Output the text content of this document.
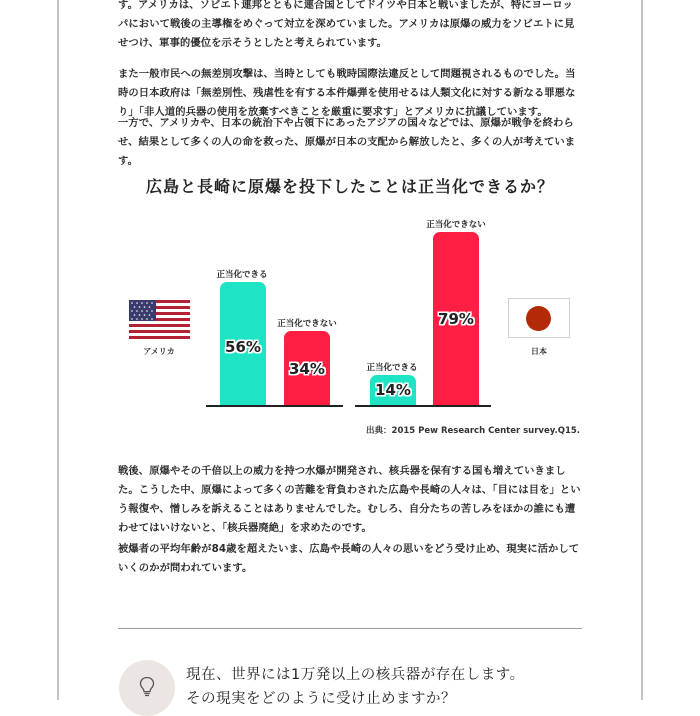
す。アメリカは、ソビエト連邦とともに連合国としてドイツや日本と戦いましたが、特にヨーロッパにおいて戦後の主導権をめぐって対立を深めていました。アメリカは原爆の威力をソビエトに見せつけ、軍事的優位を示そうとしたと考えられています。

また一般市民への無差別攻撃は、当時としても戦時国際法違反として問題視されるものでした。当時の日本政府は「無差別性、残虐性を有する本件爆弾を使用せるは人類文化に対する新なる罪悪なり」「非人道的兵器の使用を放棄すべきことを厳重に要求す」とアメリカに抗議しています。

一方で、アメリカや、日本の統治下や占領下にあったアジアの国々などでは、原爆が戦争を終わらせ、結果として多くの人の命を救った、原爆が日本の支配から解放したと、多くの人が考えています。

広島と長崎に原爆を投下したことは正当化できるか？

戦後、原爆やその千倍以上の威力を持つ水爆が開発され、核兵器を保有する国も増えていきました。こうした中、原爆によって多くの苦難を背負わされた広島や長崎の人々は、「目には目を」という報復や、憎しみを訴えることはありませんでした。むしろ、自分たちの苦しみをほかの誰にも遭わせてはいけないと、「核兵器廃絶」を求めたのです。

被爆者の平均年齢が84歳を超えたいま、広島や長崎の人々の思いをどう受け止め、現実に活かしていくのかが問われています。

アメリカ
正当化できる
56%
正当化できない
34%	正当化できる
14%
正当化できない
79%
日本
出典：2015 Pew Research Center survey.Q15.
現在、世界には1万発以上の核兵器が存在します。
その現実をどのように受け止めますか？
